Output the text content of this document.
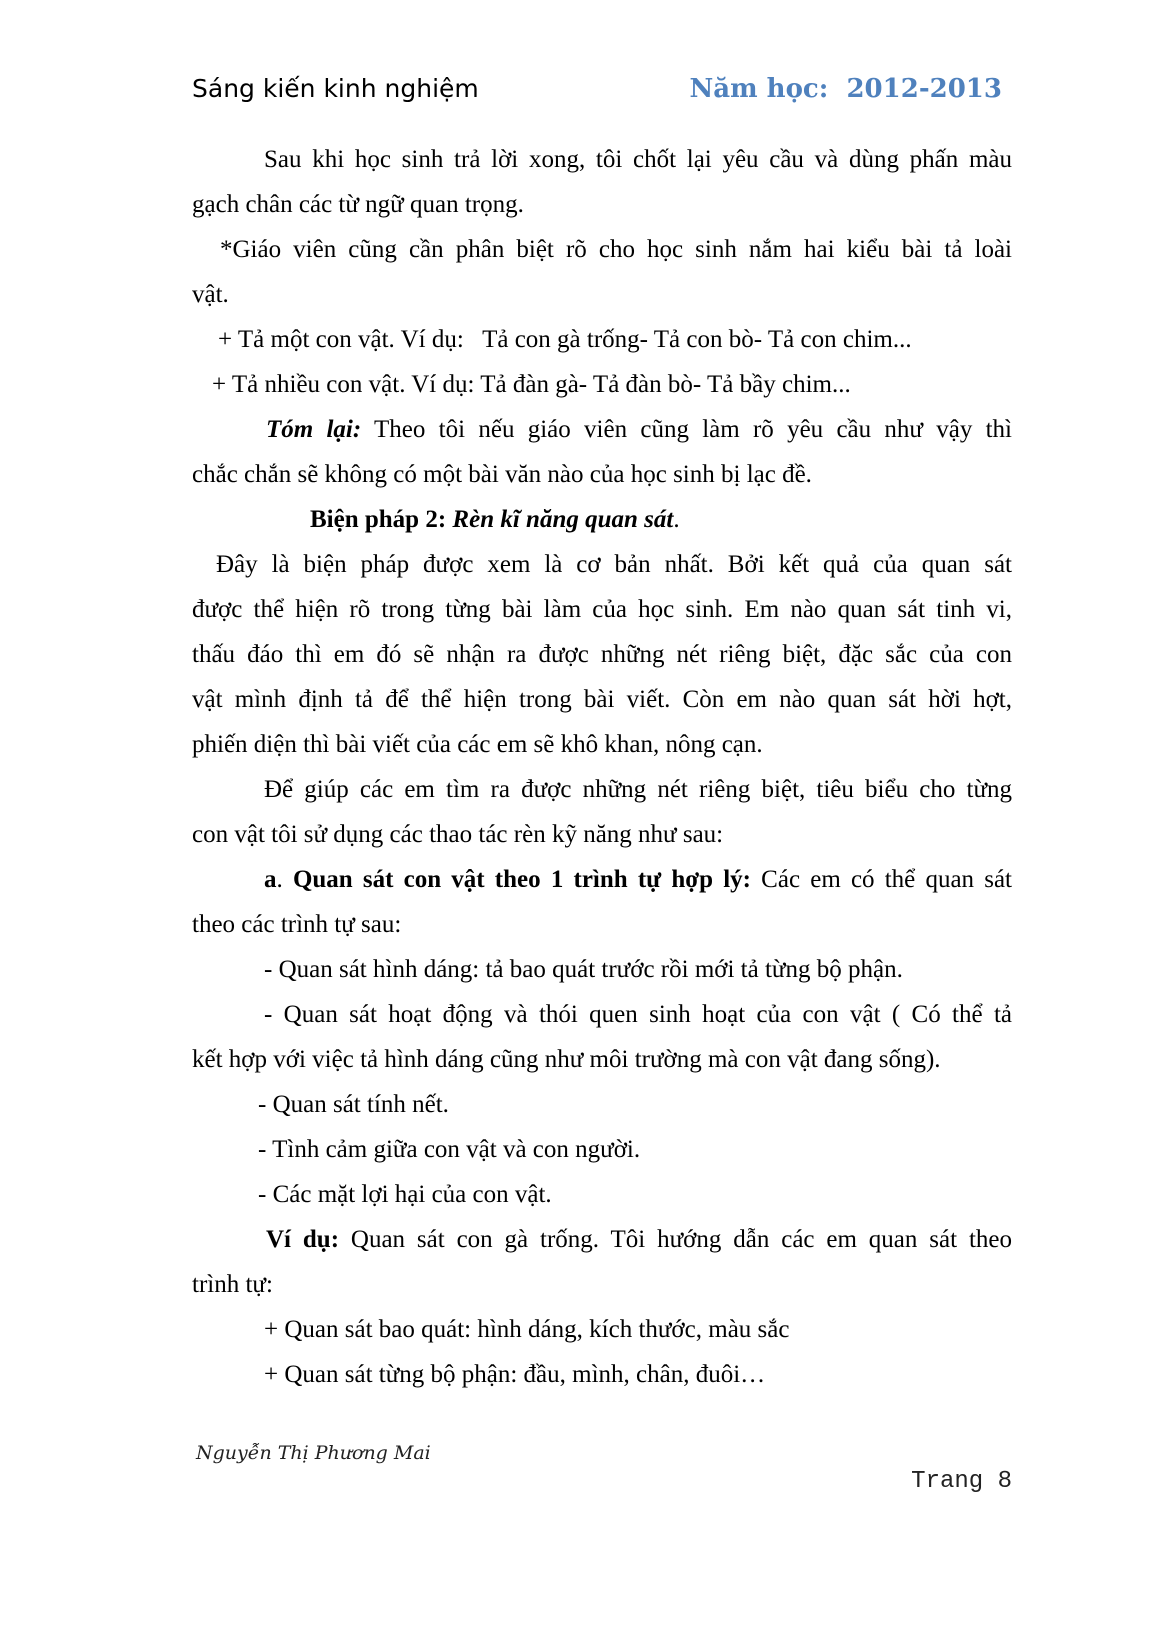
Sáng kiến kinh nghiệm	Năm học: 2012-2013
Sau khi học sinh trả lời xong, tôi chốt lại yêu cầu và dùng phấn màu
gạch chân các từ ngữ quan trọng.
*Giáo viên cũng cần phân biệt rõ cho học sinh nắm hai kiểu bài tả loài
vật.
+ Tả một con vật. Ví dụ:   Tả con gà trống- Tả con bò- Tả con chim...
+ Tả nhiều con vật. Ví dụ: Tả đàn gà- Tả đàn bò- Tả bầy chim...
Tóm lại: Theo tôi nếu giáo viên cũng làm rõ yêu cầu như vậy thì
chắc chắn sẽ không có một bài văn nào của học sinh bị lạc đề.
Biện pháp 2: Rèn kĩ năng quan sát.
Đây là biện pháp được xem là cơ bản nhất. Bởi kết quả của quan sát
được thể hiện rõ trong từng bài làm của học sinh. Em nào quan sát tinh vi,
thấu đáo thì em đó sẽ nhận ra được những nét riêng biệt, đặc sắc của con
vật mình định tả để thể hiện trong bài viết. Còn em nào quan sát hời hợt,
phiến diện thì bài viết của các em sẽ khô khan, nông cạn.
Để giúp các em tìm ra được những nét riêng biệt, tiêu biểu cho từng
con vật tôi sử dụng các thao tác rèn kỹ năng như sau:
a. Quan sát con vật theo 1 trình tự hợp lý: Các em có thể quan sát
theo các trình tự sau:
- Quan sát hình dáng: tả bao quát trước rồi mới tả từng bộ phận.
- Quan sát hoạt động và thói quen sinh hoạt của con vật ( Có thể tả
kết hợp với việc tả hình dáng cũng như môi trường mà con vật đang sống).
- Quan sát tính nết.
- Tình cảm giữa con vật và con người.
- Các mặt lợi hại của con vật.
Ví dụ: Quan sát con gà trống. Tôi hướng dẫn các em quan sát theo
trình tự:
+ Quan sát bao quát: hình dáng, kích thước, màu sắc
+ Quan sát từng bộ phận: đầu, mình, chân, đuôi…
Nguyễn Thị Phương Mai
Trang 8
